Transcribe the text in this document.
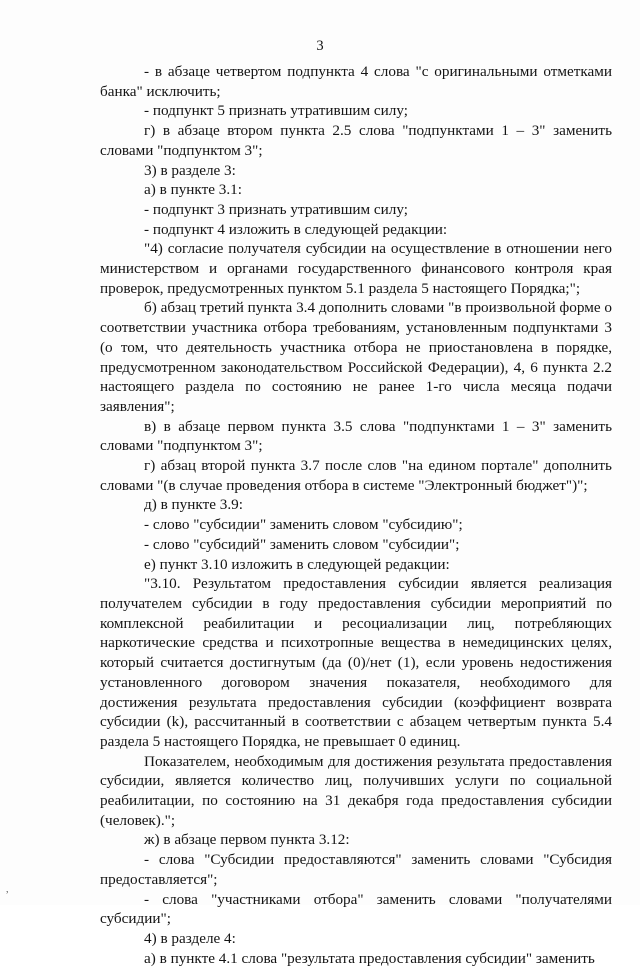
3

- в абзаце четвертом подпункта 4 слова "с оригинальными отметками банка" исключить;

- подпункт 5 признать утратившим силу;

г) в абзаце втором пункта 2.5 слова "подпунктами 1 – 3" заменить словами "подпунктом 3";

3) в разделе 3:

а) в пункте 3.1:

- подпункт 3 признать утратившим силу;

- подпункт 4 изложить в следующей редакции:

"4) согласие получателя субсидии на осуществление в отношении него министерством и органами государственного финансового контроля края проверок, предусмотренных пунктом 5.1 раздела 5 настоящего Порядка;";

б) абзац третий пункта 3.4 дополнить словами "в произвольной форме о соответствии участника отбора требованиям, установленным подпунктами 3 (о том, что деятельность участника отбора не приостановлена в порядке, предусмотренном законодательством Российской Федерации), 4, 6 пункта 2.2 настоящего раздела по состоянию не ранее 1-го числа месяца подачи заявления";

в) в абзаце первом пункта 3.5 слова "подпунктами 1 – 3" заменить словами "подпунктом 3";

г) абзац второй пункта 3.7 после слов "на едином портале" дополнить словами "(в случае проведения отбора в системе "Электронный бюджет")";

д) в пункте 3.9:

- слово "субсидии" заменить словом "субсидию";

- слово "субсидий" заменить словом "субсидии";

е) пункт 3.10 изложить в следующей редакции:

"3.10. Результатом предоставления субсидии является реализация получателем субсидии в году предоставления субсидии мероприятий по комплексной реабилитации и ресоциализации лиц, потребляющих наркотические средства и психотропные вещества в немедицинских целях, который считается достигнутым (да (0)/нет (1), если уровень недостижения установленного договором значения показателя, необходимого для достижения результата предоставления субсидии (коэффициент возврата субсидии (k), рассчитанный в соответствии с абзацем четвертым пункта 5.4 раздела 5 настоящего Порядка, не превышает 0 единиц.

Показателем, необходимым для достижения результата предоставления субсидии, является количество лиц, получивших услуги по социальной реабилитации, по состоянию на 31 декабря года предоставления субсидии (человек).";

ж) в абзаце первом пункта 3.12:

- слова "Субсидии предоставляются" заменить словами "Субсидия предоставляется";

- слова "участниками отбора" заменить словами "получателями субсидии";

4) в разделе 4:

а) в пункте 4.1 слова "результата предоставления субсидии" заменить

,
